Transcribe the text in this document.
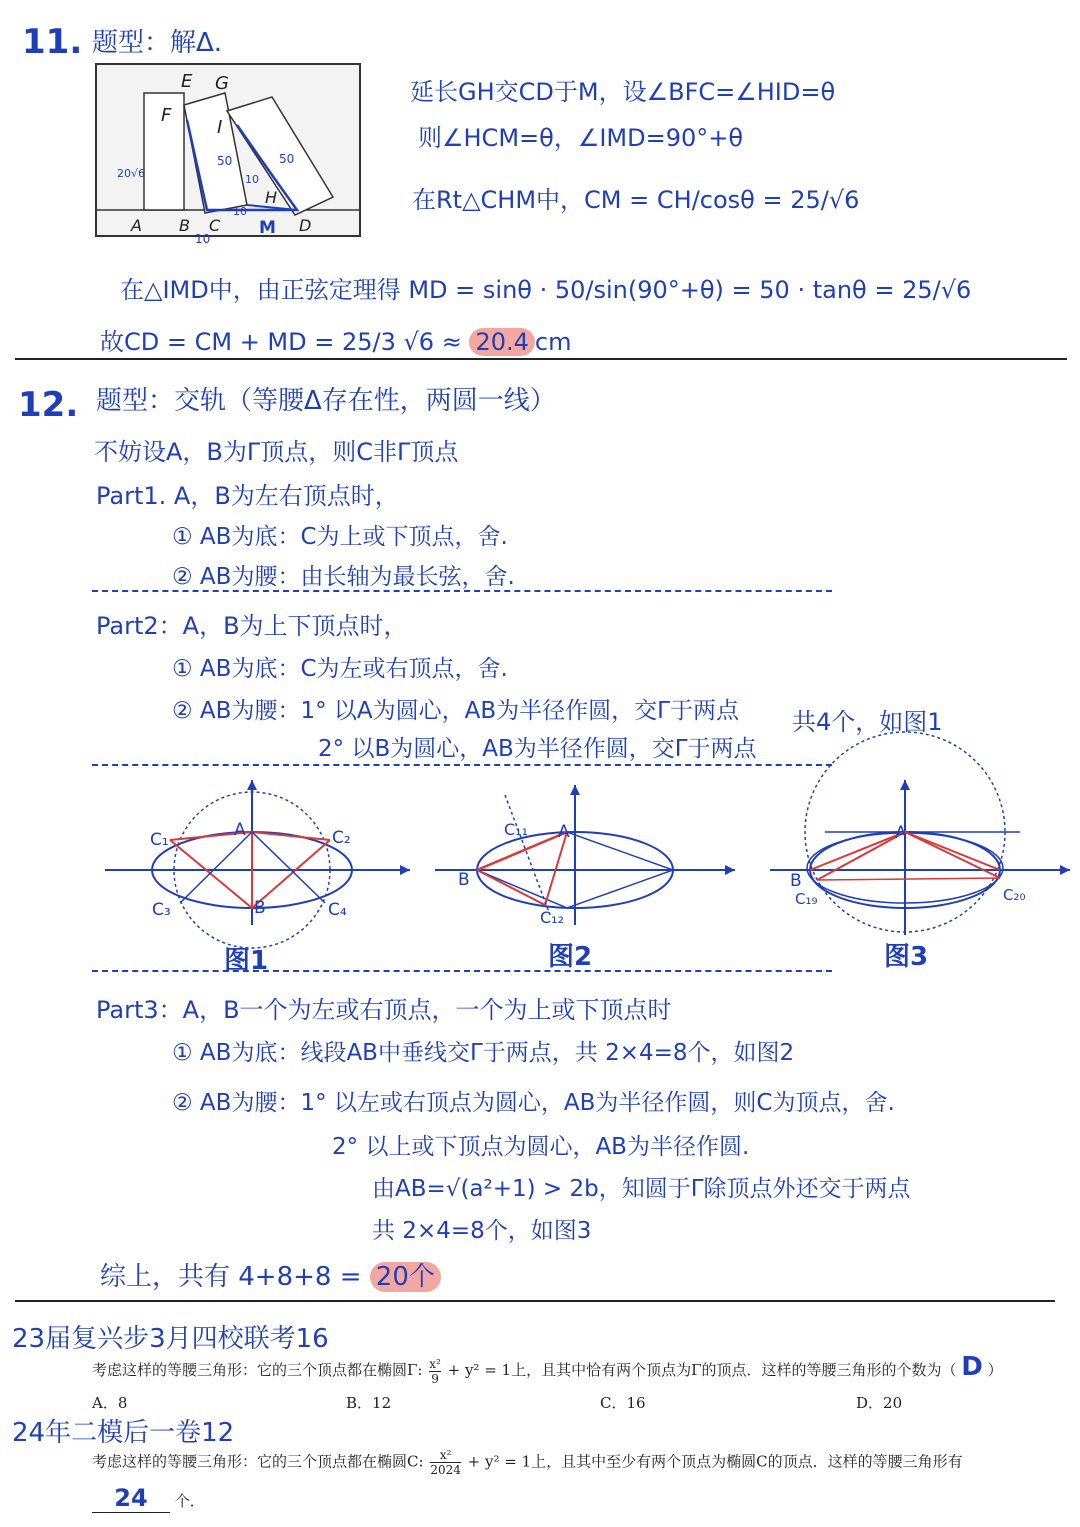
11. 题型：解Δ.
E G
F
I
H
A B C	D
M
20√6
50	50
10
10
10
延长GH交CD于M，设∠BFC=∠HID=θ
则∠HCM=θ，∠IMD=90°+θ
在Rt△CHM中，CM = CH/cosθ = 25/√6
在△IMD中，由正弦定理得 MD = sinθ · 50/sin(90°+θ) = 50 · tanθ = 25/√6
故CD = CM + MD = 25/3 √6 ≈ 20.4 cm
12. 题型：交轨（等腰Δ存在性，两圆一线）
不妨设A，B为Γ顶点，则C非Γ顶点
Part1. A，B为左右顶点时，
① AB为底：C为上或下顶点，舍.
② AB为腰：由长轴为最长弦，舍.
Part2：A，B为上下顶点时，
① AB为底：C为左或右顶点，舍.
② AB为腰：1° 以A为圆心，AB为半径作圆，交Γ于两点
2° 以B为圆心，AB为半径作圆，交Γ于两点
共4个，如图1
C₁	C₂
C₃	C₄
A
B
图1
B
A
C₁₁
C₁₂
图2
B
A
C₁₉	C₂₀
图3
Part3：A，B一个为左或右顶点，一个为上或下顶点时
① AB为底：线段AB中垂线交Γ于两点，共 2×4=8个，如图2
② AB为腰：1° 以左或右顶点为圆心，AB为半径作圆，则C为顶点，舍.
2° 以上或下顶点为圆心，AB为半径作圆.
由AB=√(a²+1) > 2b，知圆于Γ除顶点外还交于两点
共 2×4=8个，如图3
综上，共有 4+8+8 = 20个
23届复兴步3月四校联考16
考虑这样的等腰三角形：它的三个顶点都在椭圆Γ: $\frac{\text{x²}}{9} + y^2 = 1$上，且其中恰有两个顶点为Γ的顶点．这样的等腰三角形的个数为（ D ）
A．8	B．12	C．16	D．20
24年二模后一卷12
考虑这样的等腰三角形：它的三个顶点都在椭圆C: $\frac{\text{x²}}{2024} + y^2 = 1$上，且其中至少有两个顶点为椭圆C的顶点．这样的等腰三角形有
24 个．
